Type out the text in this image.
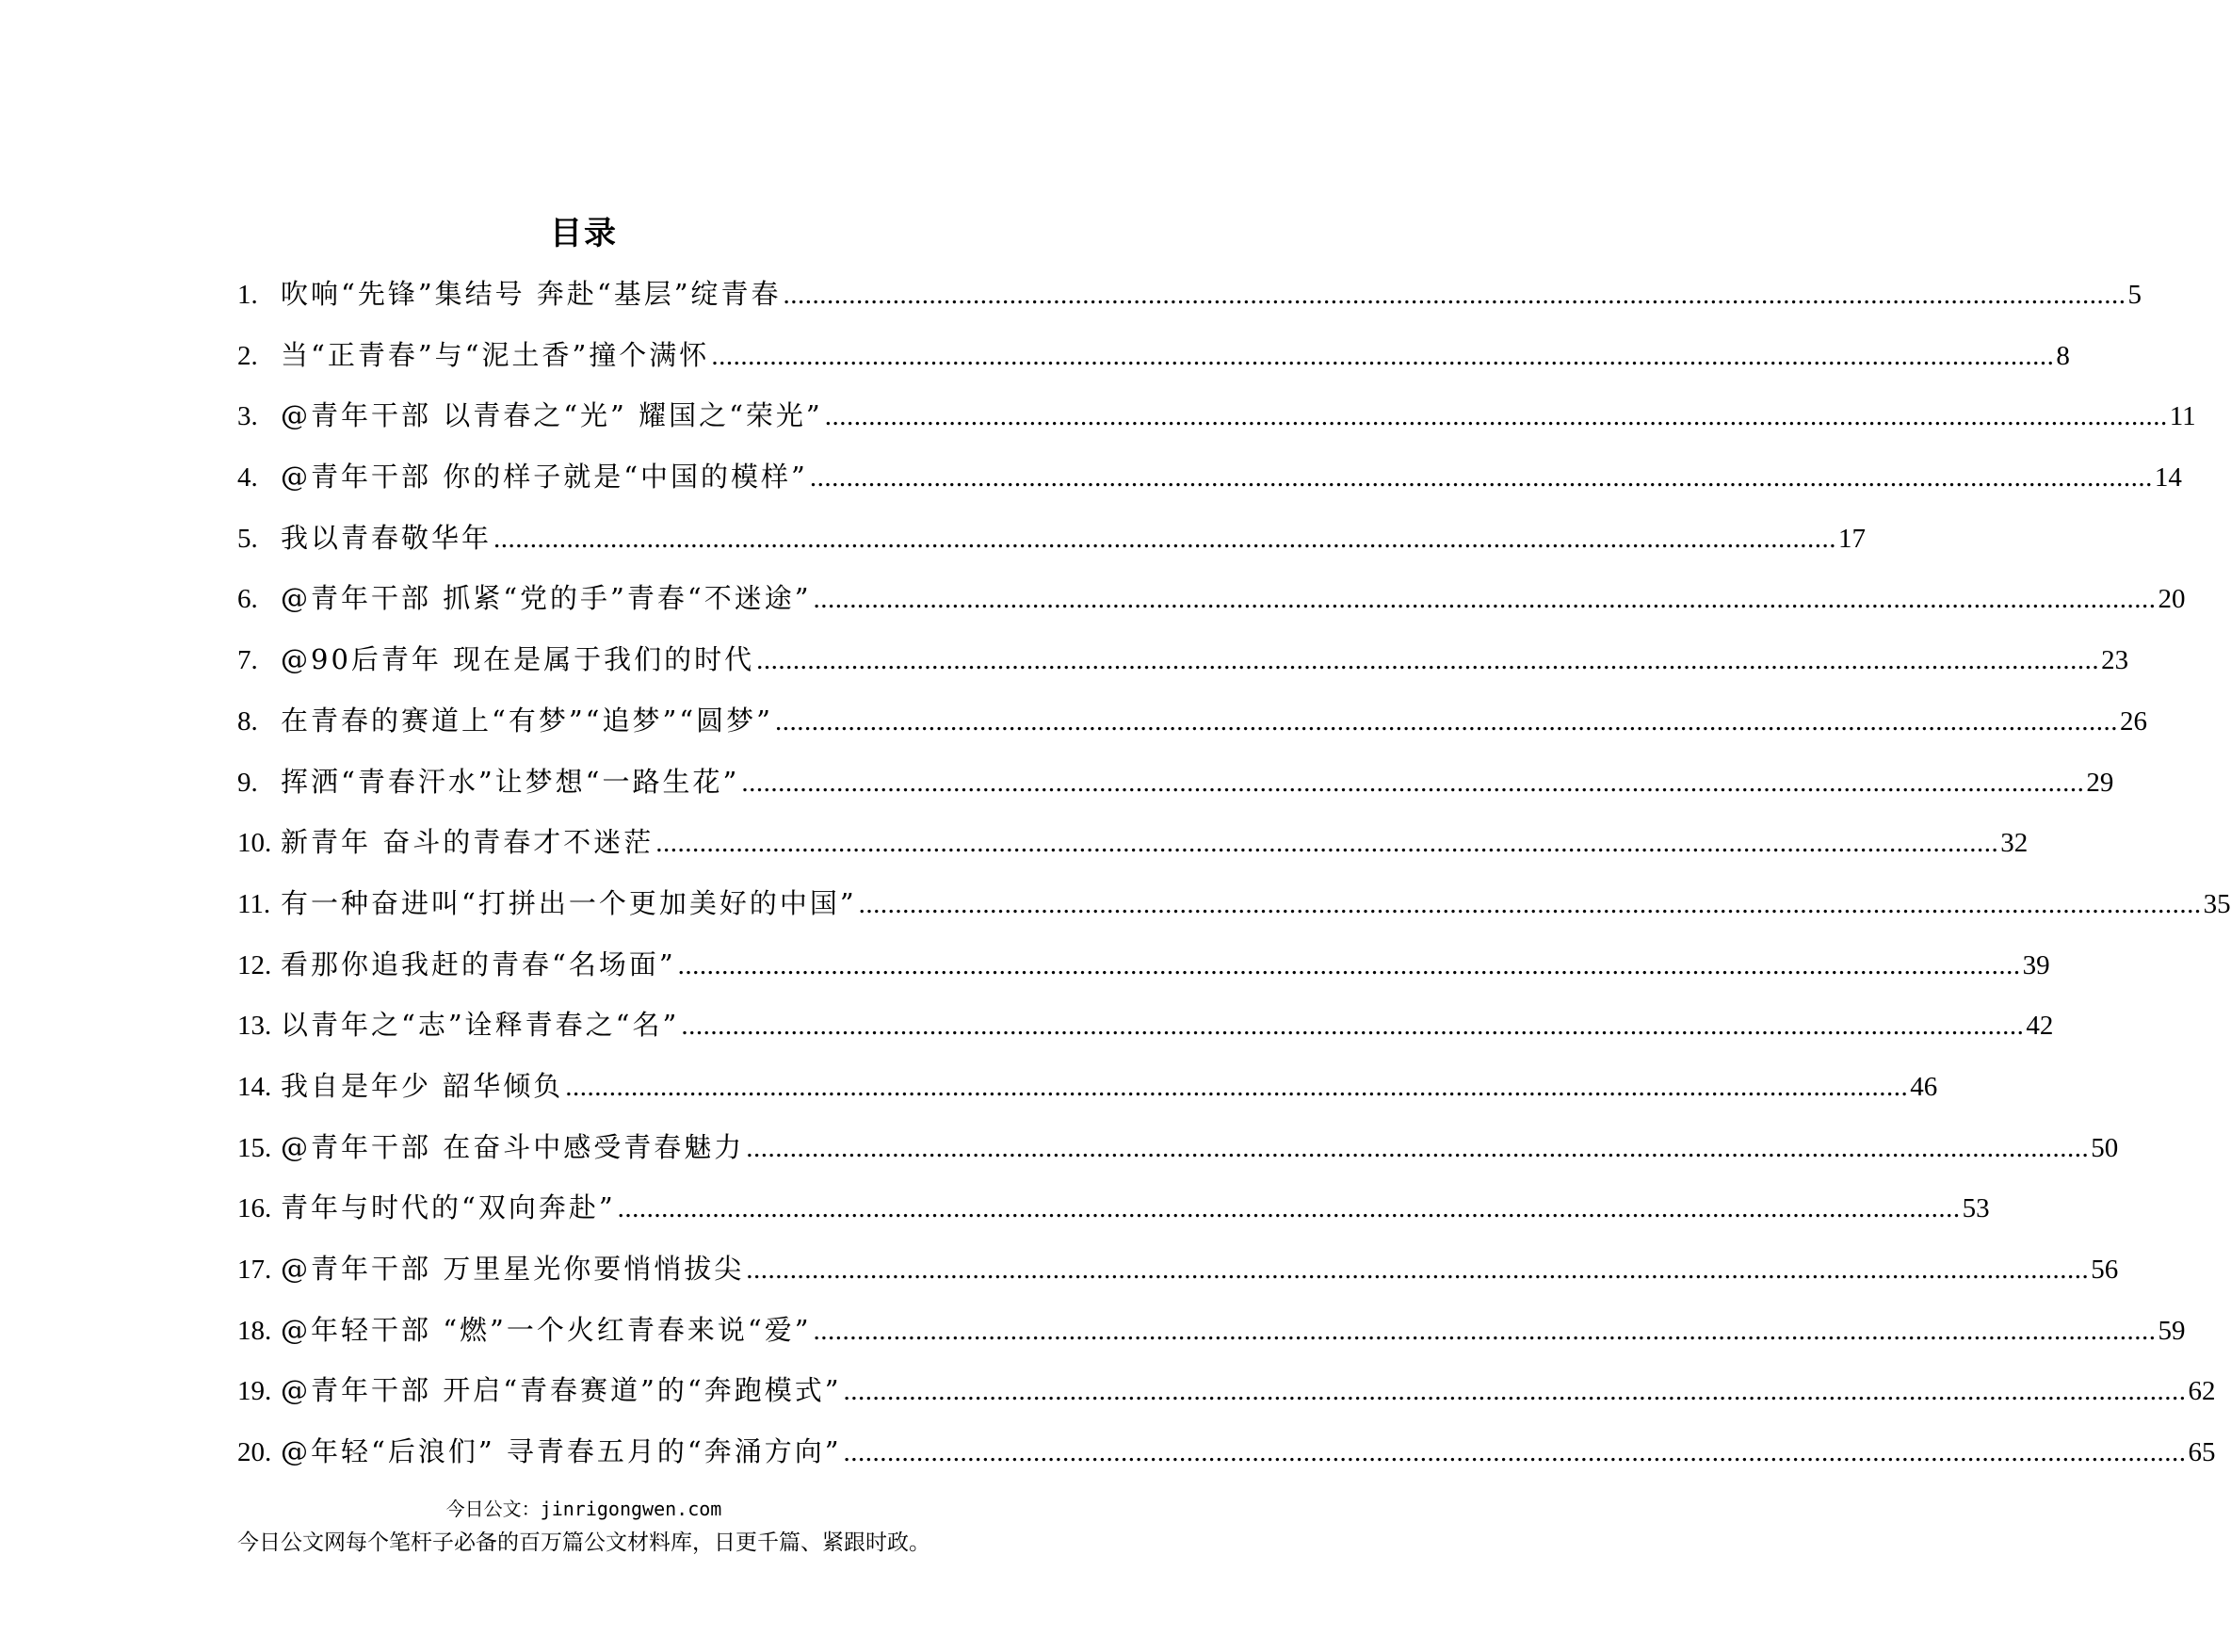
目录
1. 吹响“先锋”集结号 奔赴“基层”绽青春 .....	5
2. 当“正青春”与“泥土香”撞个满怀 .....	8
3. @青年干部 以青春之“光” 耀国之“荣光” .....	11
4. @青年干部 你的样子就是“中国的模样” .....	14
5. 我以青春敬华年 .....	17
6. @青年干部 抓紧“党的手”青春“不迷途” .....	20
7. @90后青年 现在是属于我们的时代 .....	23
8. 在青春的赛道上“有梦”“追梦”“圆梦” .....	26
9. 挥洒“青春汗水”让梦想“一路生花” .....	29
10. 新青年 奋斗的青春才不迷茫 .....	32
11. 有一种奋进叫“打拼出一个更加美好的中国” .....	35
12. 看那你追我赶的青春“名场面” .....	39
13. 以青年之“志”诠释青春之“名” .....	42
14. 我自是年少 韶华倾负 .....	46
15. @青年干部 在奋斗中感受青春魅力 .....	50
16. 青年与时代的“双向奔赴” .....	53
17. @青年干部 万里星光你要悄悄拔尖 .....	56
18. @年轻干部 “燃”一个火红青春来说“爱” .....	59
19. @青年干部 开启“青春赛道”的“奔跑模式” .....	62
20. @年轻“后浪们” 寻青春五月的“奔涌方向” .....	65
今日公文：jinrigongwen.com
今日公文网每个笔杆子必备的百万篇公文材料库，日更千篇、紧跟时政。
